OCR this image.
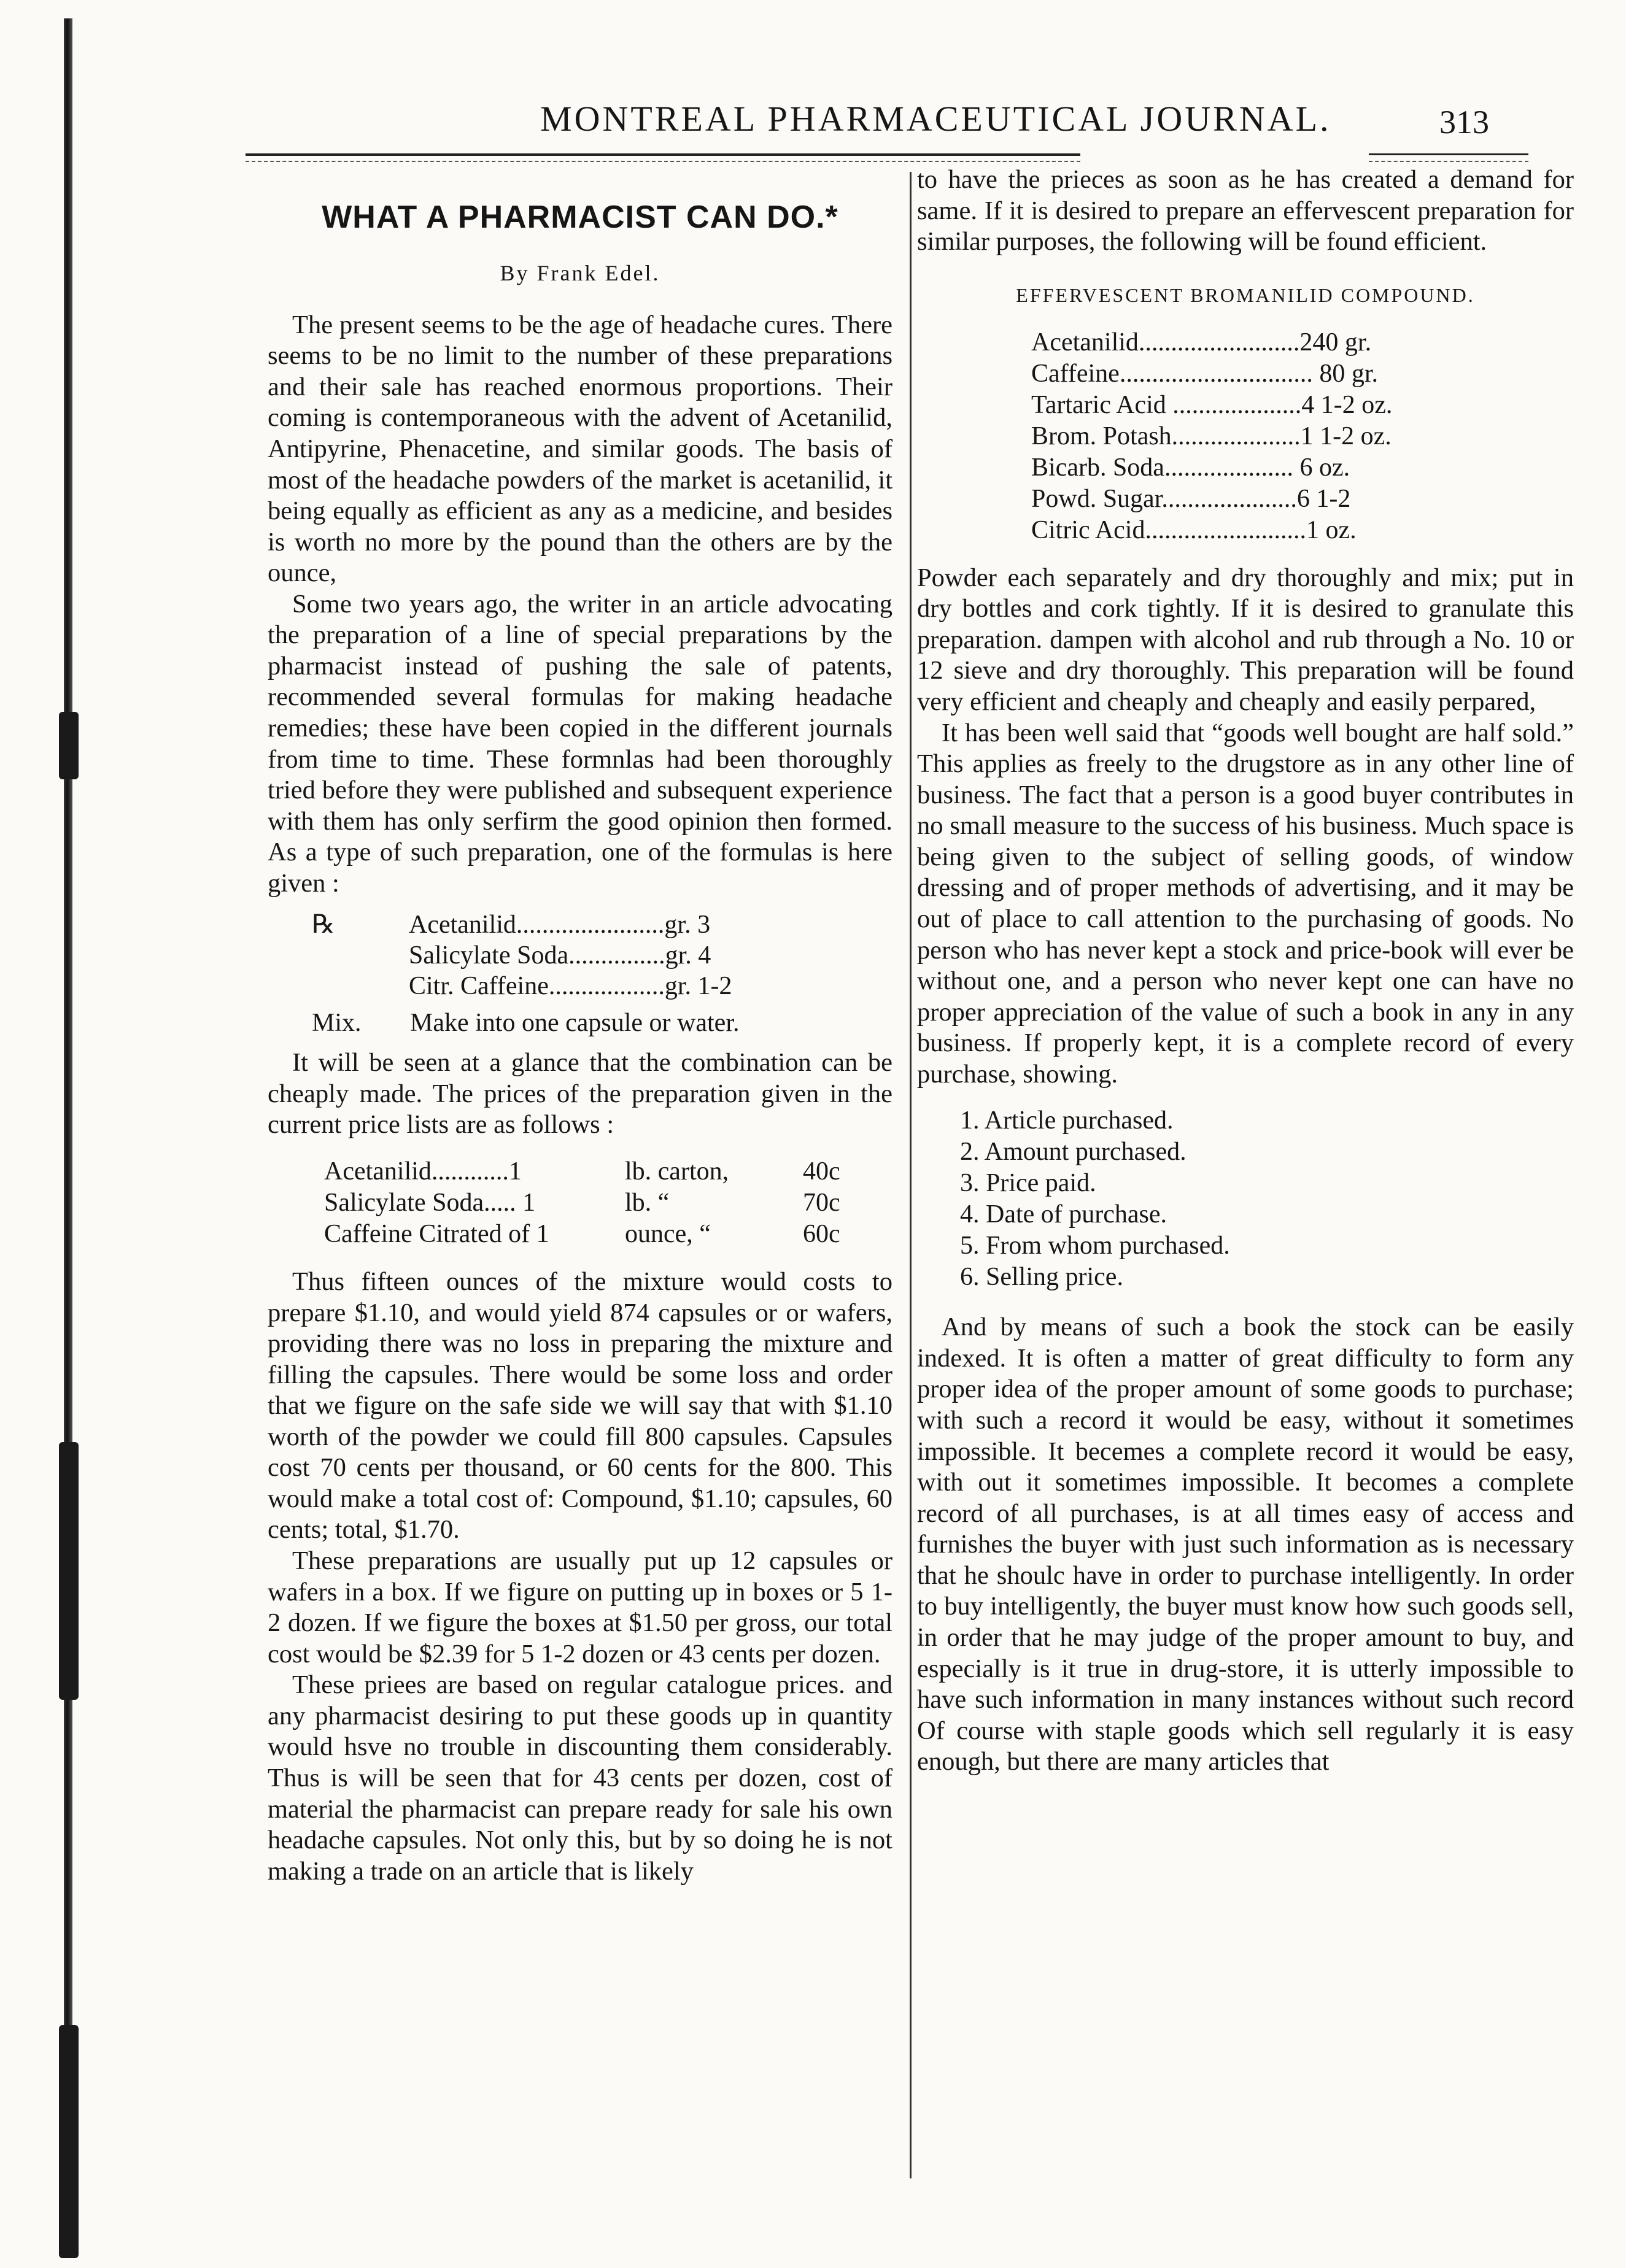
MONTREAL PHARMACEUTICAL JOURNAL.	313
WHAT A PHARMACIST CAN DO.*
By Frank Edel.

The present seems to be the age of headache cures. There seems to be no limit to the number of these preparations and their sale has reached enormous proportions. Their coming is contemporaneous with the advent of Acetanilid, Antipyrine, Phenacetine, and similar goods. The basis of most of the headache powders of the market is acetanilid, it being equally as efficient as any as a medicine, and besides is worth no more by the pound than the others are by the ounce,

Some two years ago, the writer in an article advocating the preparation of a line of special preparations by the pharmacist instead of pushing the sale of patents, recommended several formulas for making headache remedies; these have been copied in the different journals from time to time. These formnlas had been thoroughly tried before they were published and subsequent experience with them has only serfirm the good opinion then formed. As a type of such preparation, one of the formulas is here given :

℞	Acetanilid.......................gr. 3
Salicylate Soda...............gr. 4
Citr. Caffeine..................gr. 1-2
Mix. Make into one capsule or water.

It will be seen at a glance that the combination can be cheaply made. The prices of the preparation given in the current price lists are as follows :

Acetanilid............1	lb. carton,	40c
Salicylate Soda..... 1	lb. “	70c
Caffeine Citrated of 1	ounce, “	60c

Thus fifteen ounces of the mixture would costs to prepare $1.10, and would yield 874 capsules or or wafers, providing there was no loss in preparing the mixture and filling the capsules. There would be some loss and order that we figure on the safe side we will say that with $1.10 worth of the powder we could fill 800 capsules. Capsules cost 70 cents per thousand, or 60 cents for the 800. This would make a total cost of: Compound, $1.10; capsules, 60 cents; total, $1.70.

These preparations are usually put up 12 capsules or wafers in a box. If we figure on putting up in boxes or 5 1-2 dozen. If we figure the boxes at $1.50 per gross, our total cost would be $2.39 for 5 1-2 dozen or 43 cents per dozen.

These priees are based on regular catalogue prices. and any pharmacist desiring to put these goods up in quantity would hsve no trouble in discounting them considerably. Thus is will be seen that for 43 cents per dozen, cost of material the pharmacist can prepare ready for sale his own headache capsules. Not only this, but by so doing he is not making a trade on an article that is likely

to have the prieces as soon as he has created a demand for same. If it is desired to prepare an effervescent preparation for similar purposes, the following will be found efficient.

EFFERVESCENT BROMANILID COMPOUND.
Acetanilid.........................240 gr.
Caffeine.............................. 80 gr.
Tartaric Acid ....................4 1-2 oz.
Brom. Potash....................1 1-2 oz.
Bicarb. Soda.................... 6 oz.
Powd. Sugar.....................6 1-2
Citric Acid.........................1 oz.

Powder each separately and dry thoroughly and mix; put in dry bottles and cork tightly. If it is desired to granulate this preparation. dampen with alcohol and rub through a No. 10 or 12 sieve and dry thoroughly. This preparation will be found very efficient and cheaply and cheaply and easily perpared,

It has been well said that “goods well bought are half sold.” This applies as freely to the drugstore as in any other line of business. The fact that a person is a good buyer contributes in no small measure to the success of his business. Much space is being given to the subject of selling goods, of window dressing and of proper methods of advertising, and it may be out of place to call attention to the purchasing of goods. No person who has never kept a stock and price-book will ever be without one, and a person who never kept one can have no proper appreciation of the value of such a book in any in any business. If properly kept, it is a complete record of every purchase, showing.

1. Article purchased.
2. Amount purchased.
3. Price paid.
4. Date of purchase.
5. From whom purchased.
6. Selling price.

And by means of such a book the stock can be easily indexed. It is often a matter of great difficulty to form any proper idea of the proper amount of some goods to purchase; with such a record it would be easy, without it sometimes impossible. It becemes a complete record it would be easy, with out it sometimes impossible. It becomes a complete record of all purchases, is at all times easy of access and furnishes the buyer with just such information as is necessary that he shoulc have in order to purchase intelligently. In order to buy intelligently, the buyer must know how such goods sell, in order that he may judge of the proper amount to buy, and especially is it true in drug-store, it is utterly impossible to have such information in many instances without such record Of course with staple goods which sell regularly it is easy enough, but there are many articles that
